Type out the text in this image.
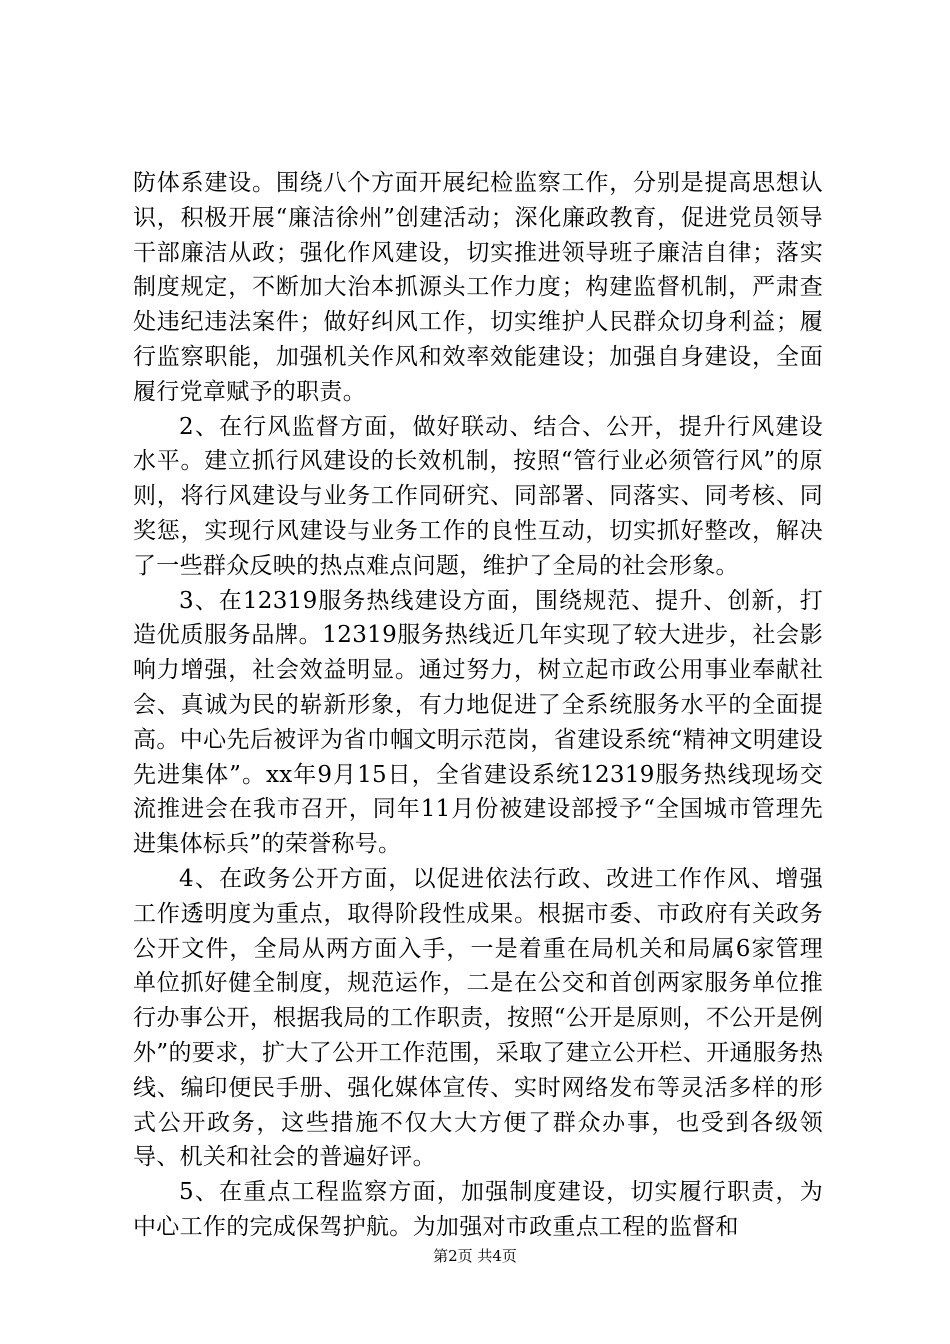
防体系建设。围绕八个方面开展纪检监察工作，分别是提高思想认识，积极开展“廉洁徐州”创建活动；深化廉政教育，促进党员领导干部廉洁从政；强化作风建设，切实推进领导班子廉洁自律；落实制度规定，不断加大治本抓源头工作力度；构建监督机制，严肃查处违纪违法案件；做好纠风工作，切实维护人民群众切身利益；履行监察职能，加强机关作风和效率效能建设；加强自身建设，全面履行党章赋予的职责。

2、在行风监督方面，做好联动、结合、公开，提升行风建设水平。建立抓行风建设的长效机制，按照“管行业必须管行风”的原则，将行风建设与业务工作同研究、同部署、同落实、同考核、同奖惩，实现行风建设与业务工作的良性互动，切实抓好整改，解决了一些群众反映的热点难点问题，维护了全局的社会形象。

3、在12319服务热线建设方面，围绕规范、提升、创新，打造优质服务品牌。12319服务热线近几年实现了较大进步，社会影响力增强，社会效益明显。通过努力，树立起市政公用事业奉献社会、真诚为民的崭新形象，有力地促进了全系统服务水平的全面提高。中心先后被评为省巾帼文明示范岗，省建设系统“精神文明建设先进集体”。xx年9月15日，全省建设系统12319服务热线现场交流推进会在我市召开，同年11月份被建设部授予“全国城市管理先进集体标兵”的荣誉称号。

4、在政务公开方面，以促进依法行政、改进工作作风、增强工作透明度为重点，取得阶段性成果。根据市委、市政府有关政务公开文件，全局从两方面入手，一是着重在局机关和局属6家管理单位抓好健全制度，规范运作，二是在公交和首创两家服务单位推行办事公开，根据我局的工作职责，按照“公开是原则，不公开是例外”的要求，扩大了公开工作范围，采取了建立公开栏、开通服务热线、编印便民手册、强化媒体宣传、实时网络发布等灵活多样的形式公开政务，这些措施不仅大大方便了群众办事，也受到各级领导、机关和社会的普遍好评。

5、在重点工程监察方面，加强制度建设，切实履行职责，为中心工作的完成保驾护航。为加强对市政重点工程的监督和

第2页 共4页
